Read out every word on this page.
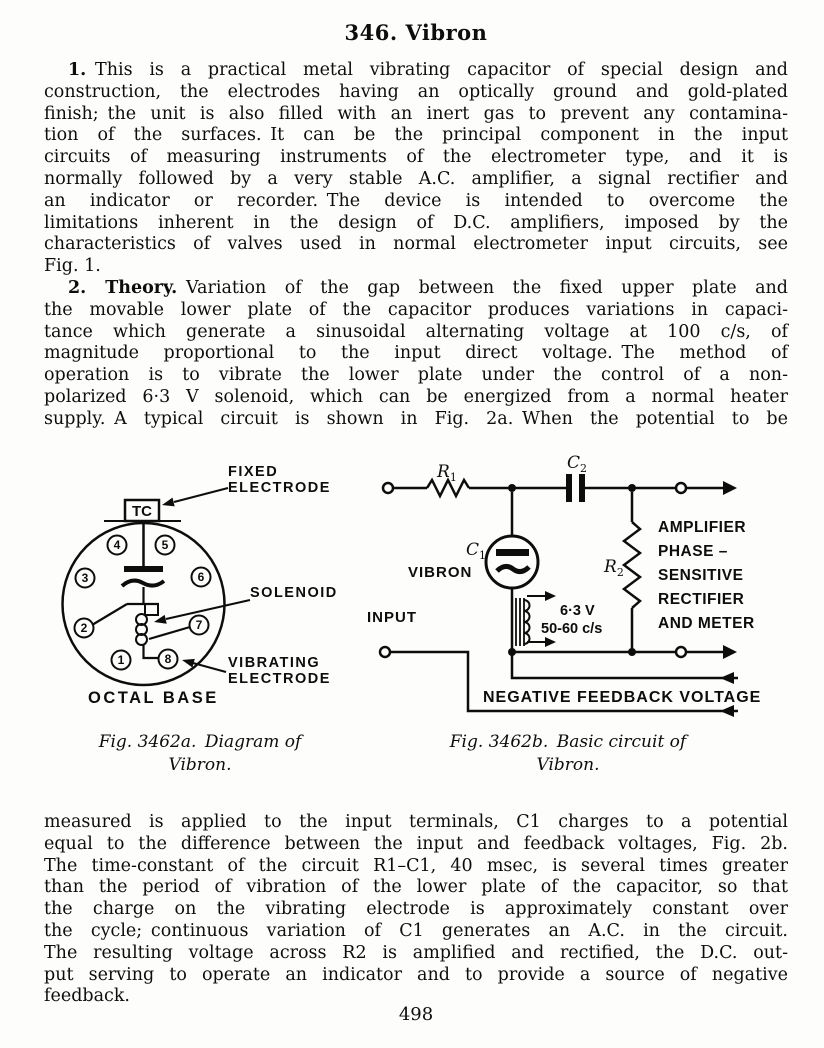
346. Vibron
1. This is a practical metal vibrating capacitor of special design and
construction, the electrodes having an optically ground and gold-plated
finish; the unit is also filled with an inert gas to prevent any contamina-
tion of the surfaces. It can be the principal component in the input
circuits of measuring instruments of the electrometer type, and it is
normally followed by a very stable A.C. amplifier, a signal rectifier and
an indicator or recorder. The device is intended to overcome the
limitations inherent in the design of D.C. amplifiers, imposed by the
characteristics of valves used in normal electrometer input circuits, see
Fig. 1.
2. Theory. Variation of the gap between the fixed upper plate and
the movable lower plate of the capacitor produces variations in capaci-
tance which generate a sinusoidal alternating voltage at 100 c/s, of
magnitude proportional to the input direct voltage. The method of
operation is to vibrate the lower plate under the control of a non-
polarized 6·3 V solenoid, which can be energized from a normal heater
supply. A typical circuit is shown in Fig. 2a. When the potential to be
TC
1
2
3
4	5
6
7
8
FIXED
ELECTRODE
SOLENOID
VIBRATING
ELECTRODE
OCTAL BASE
$R_1$
$C_2$
$C_1$
$R_2$
VIBRON
INPUT	6·3 V
50-60 c/s
AMPLIFIER
PHASE –
SENSITIVE
RECTIFIER
AND METER
NEGATIVE FEEDBACK VOLTAGE
Fig. 3462a. Diagram of
Vibron.
Fig. 3462b. Basic circuit of
Vibron.
measured is applied to the input terminals, C1 charges to a potential
equal to the difference between the input and feedback voltages, Fig. 2b.
The time-constant of the circuit R1–C1, 40 msec, is several times greater
than the period of vibration of the lower plate of the capacitor, so that
the charge on the vibrating electrode is approximately constant over
the cycle; continuous variation of C1 generates an A.C. in the circuit.
The resulting voltage across R2 is amplified and rectified, the D.C. out-
put serving to operate an indicator and to provide a source of negative
feedback.
498
